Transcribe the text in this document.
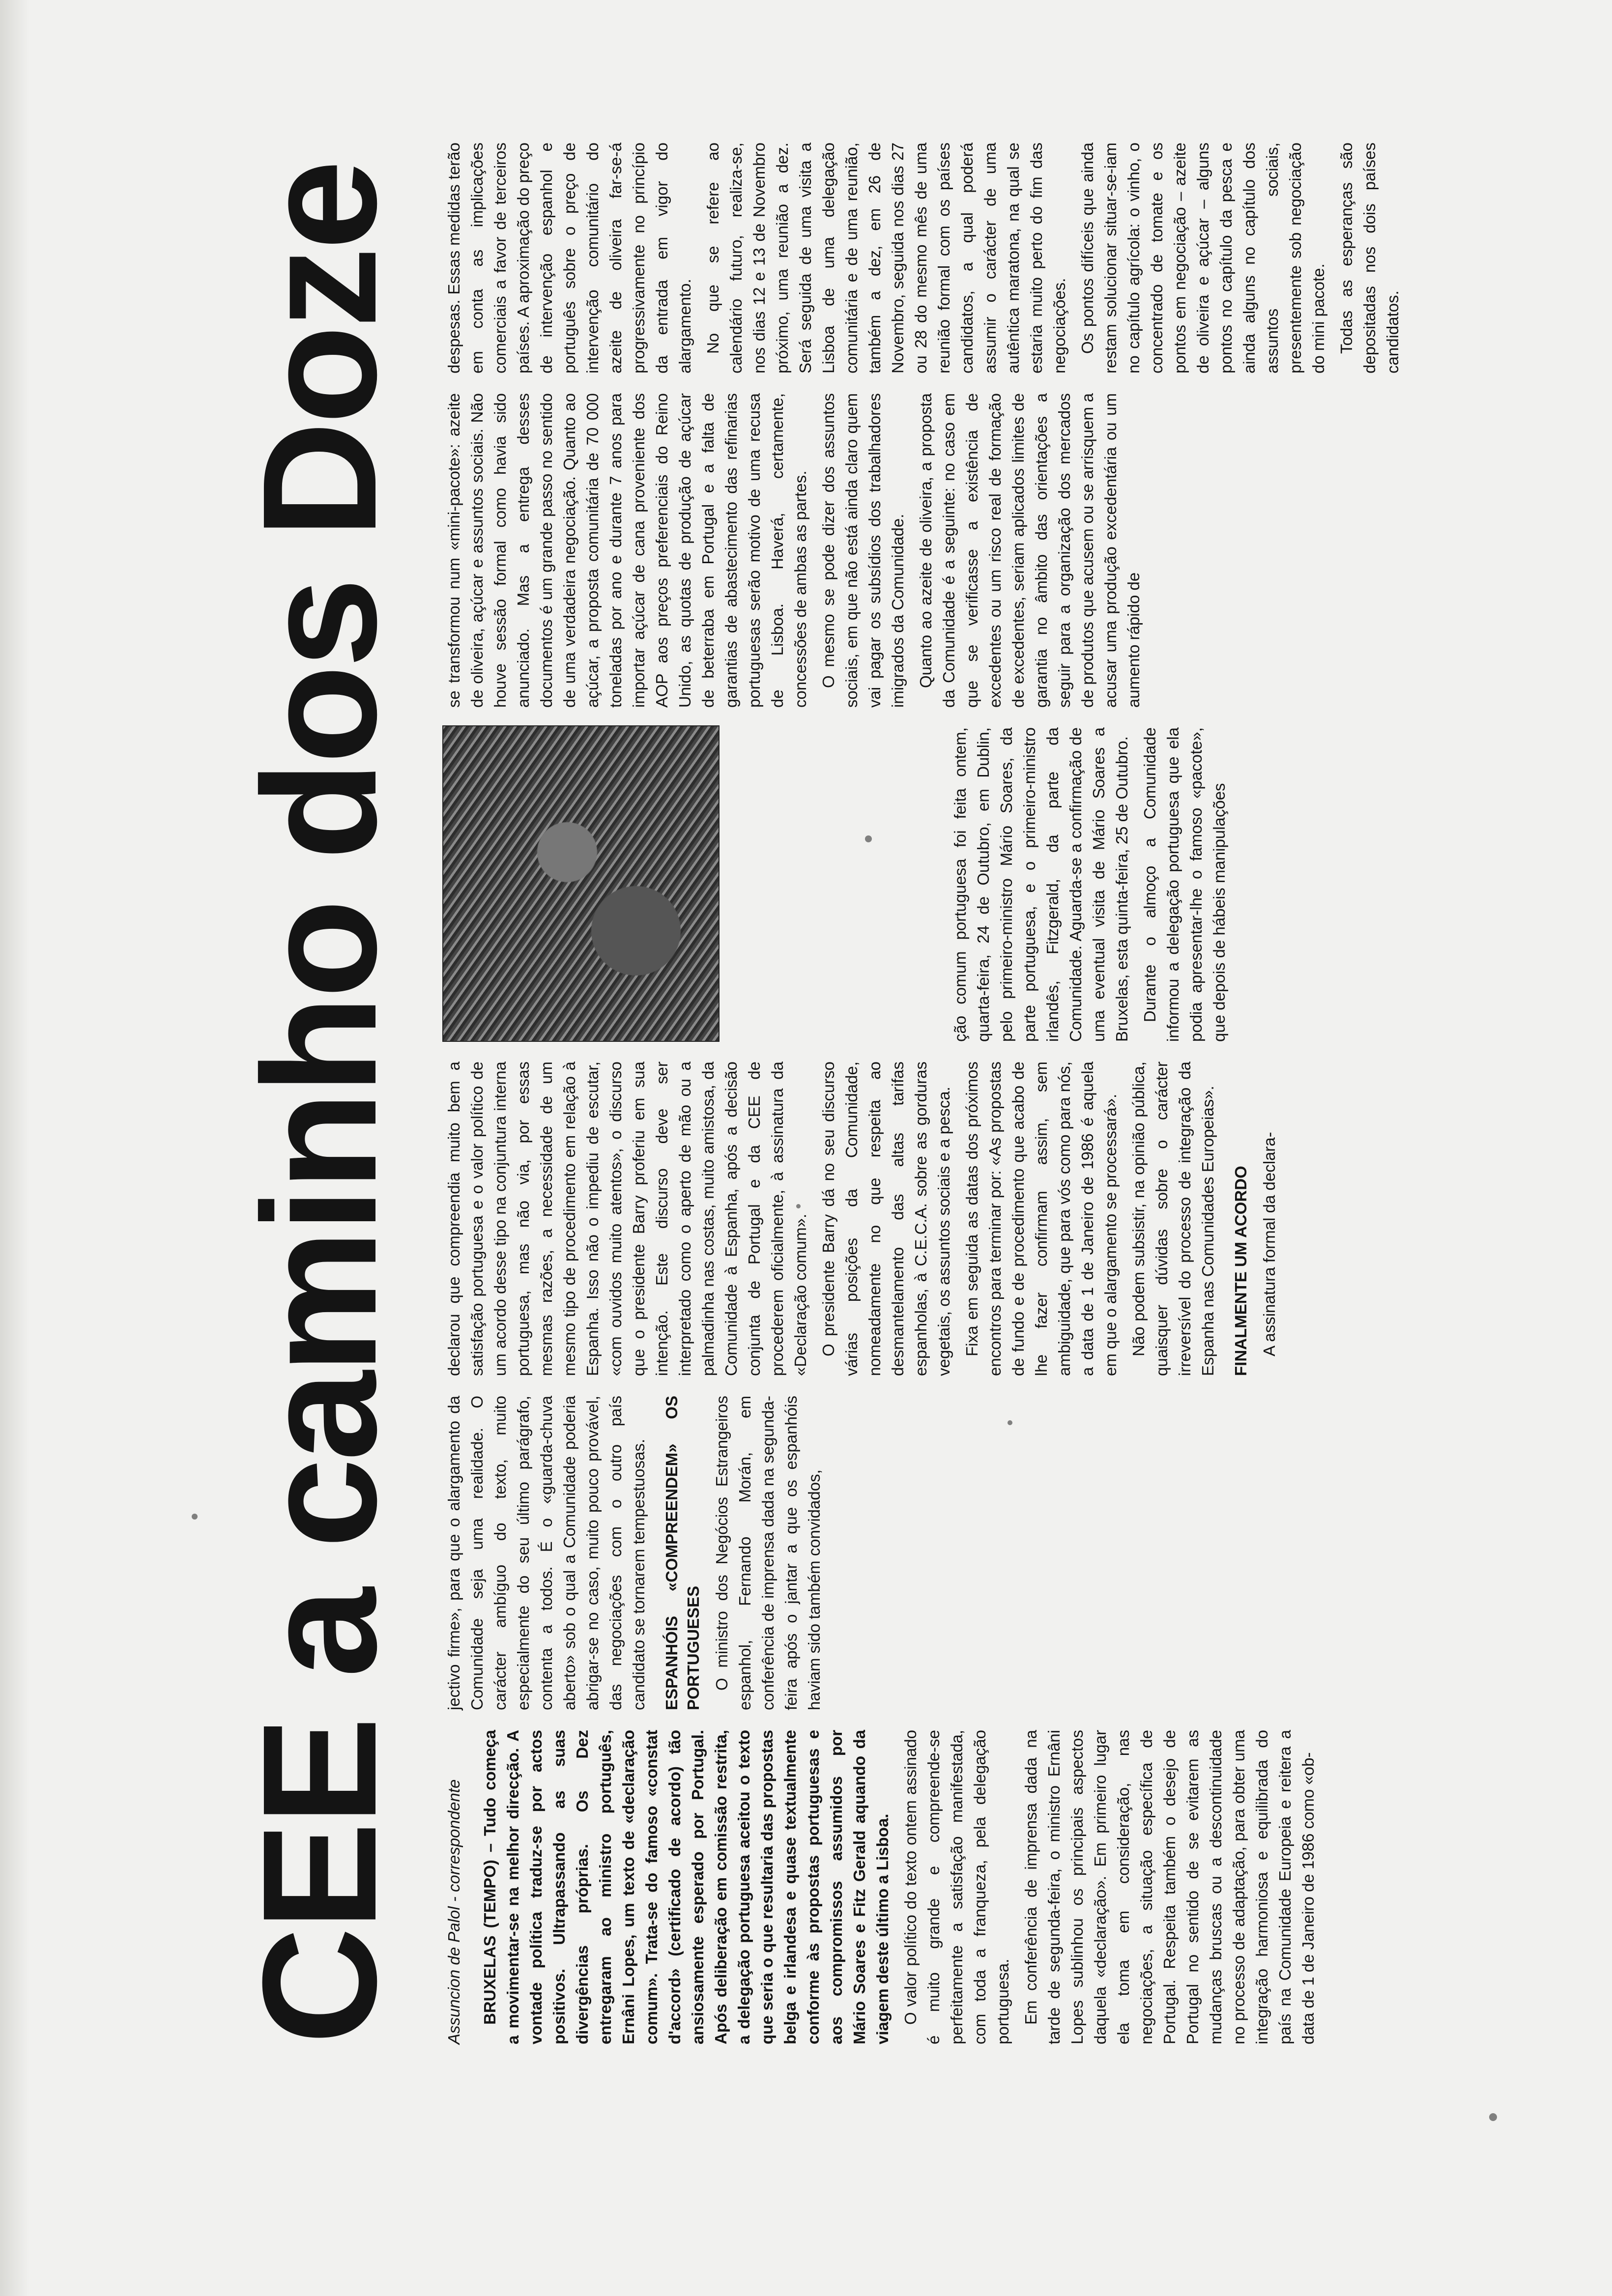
CEE a caminho dos Doze Assuncion de Palol - correspondente BRUXELAS (TEMPO) – Tudo começa a movimentar-se na melhor direcção. A vontade política traduz-se por actos positivos. Ultrapassando as suas divergências próprias. Os Dez entregaram ao ministro português, Ernâni Lopes, um texto de «declaração comum». Trata-se do famoso «constat d'accord» (certificado de acordo) tão ansiosamente esperado por Portugal. Após deliberação em comissão restrita, a delegação portuguesa aceitou o texto que seria o que resultaria das propostas belga e irlandesa e quase textualmente conforme às propostas portuguesas e aos compromissos assumidos por Mário Soares e Fitz Gerald aquando da viagem deste último a Lisboa. O valor político do texto ontem assinado é muito grande e compreende-se perfeitamente a satisfação manifestada, com toda a franqueza, pela delegação portuguesa. Em conferência de imprensa dada na tarde de segunda-feira, o ministro Ernâni Lopes sublinhou os principais aspectos daquela «declaração». Em primeiro lugar ela toma em consideração, nas negociações, a situação específica de Portugal. Respeita também o desejo de Portugal no sentido de se evitarem as mudanças bruscas ou a descontinuidade no processo de adaptação, para obter uma integração harmoniosa e equilibrada do país na Comunidade Europeia e reitera a data de 1 de Janeiro de 1986 como «ob-

jectivo firme», para que o alargamento da Comunidade seja uma realidade. O carácter ambíguo do texto, muito especialmente do seu último parágrafo, contenta a todos. É o «guarda-chuva aberto» sob o qual a Comunidade poderia abrigar-se no caso, muito pouco provável, das negociações com o outro país candidato se tornarem tempestuosas. ESPANHÓIS «COMPREENDEM» OS PORTUGUESES O ministro dos Negócios Estrangeiros espanhol, Fernando Morán, em conferência de imprensa dada na segunda-feira após o jantar a que os espanhóis haviam sido também convidados,

declarou que compreendia muito bem a satisfação portuguesa e o valor político de um acordo desse tipo na conjuntura interna portuguesa, mas não via, por essas mesmas razões, a necessidade de um mesmo tipo de procedimento em relação à Espanha. Isso não o impediu de escutar, «com ouvidos muito atentos», o discurso que o presidente Barry proferiu em sua intenção. Este discurso deve ser interpretado como o aperto de mão ou a palmadinha nas costas, muito amistosa, da Comunidade à Espanha, após a decisão conjunta de Portugal e da CEE de procederem oficialmente, à assinatura da «Declaração comum». O presidente Barry dá no seu discurso várias posições da Comunidade, nomeadamente no que respeita ao desmantelamento das altas tarifas espanholas, à C.E.C.A. sobre as gorduras vegetais, os assuntos sociais e a pesca. Fixa em seguida as datas dos próximos encontros para terminar por: «As propostas de fundo e de procedimento que acabo de lhe fazer confirmam assim, sem ambiguidade, que para vós como para nós, a data de 1 de Janeiro de 1986 é aquela em que o alargamento se processará». Não podem subsistir, na opinião pública, quaisquer dúvidas sobre o carácter irreversível do processo de integração da Espanha nas Comunidades Europeias». FINALMENTE UM ACORDO A assinatura formal da declara-

ção comum portuguesa foi feita ontem, quarta-feira, 24 de Outubro, em Dublin, pelo primeiro-ministro Mário Soares, da parte portuguesa, e o primeiro-ministro irlandês, Fitzgerald, da parte da Comunidade. Aguarda-se a confirmação de uma eventual visita de Mário Soares a Bruxelas, esta quinta-feira, 25 de Outubro. Durante o almoço a Comunidade informou a delegação portuguesa que ela podia apresentar-lhe o famoso «pacote», que depois de hábeis manipulações

se transformou num «mini-pacote»: azeite de oliveira, açúcar e assuntos sociais. Não houve sessão formal como havia sido anunciado. Mas a entrega desses documentos é um grande passo no sentido de uma verdadeira negociação. Quanto ao açúcar, a proposta comunitária de 70 000 toneladas por ano e durante 7 anos para importar açúcar de cana proveniente dos AOP aos preços preferenciais do Reino Unido, as quotas de produção de açúcar de beterraba em Portugal e a falta de garantias de abastecimento das refinarias portuguesas serão motivo de uma recusa de Lisboa. Haverá, certamente, concessões de ambas as partes. O mesmo se pode dizer dos assuntos sociais, em que não está ainda claro quem vai pagar os subsídios dos trabalhadores imigrados da Comunidade. Quanto ao azeite de oliveira, a proposta da Comunidade é a seguinte: no caso em que se verificasse a existência de excedentes ou um risco real de formação de excedentes, seriam aplicados limites de garantia no âmbito das orientações a seguir para a organização dos mercados de produtos que acusem ou se arrisquem a acusar uma produção excedentária ou um aumento rápido de

despesas. Essas medidas terão em conta as implicações comerciais a favor de terceiros países. A aproximação do preço de intervenção espanhol e português sobre o preço de intervenção comunitário do azeite de oliveira far-se-á progressivamente no princípio da entrada em vigor do alargamento. No que se refere ao calendário futuro, realiza-se, nos dias 12 e 13 de Novembro próximo, uma reunião a dez. Será seguida de uma visita a Lisboa de uma delegação comunitária e de uma reunião, também a dez, em 26 de Novembro, seguida nos dias 27 ou 28 do mesmo mês de uma reunião formal com os países candidatos, a qual poderá assumir o carácter de uma autêntica maratona, na qual se estaria muito perto do fim das negociações. Os pontos difíceis que ainda restam solucionar situar-se-iam no capítulo agrícola: o vinho, o concentrado de tomate e os pontos em negociação – azeite de oliveira e açúcar – alguns pontos no capítulo da pesca e ainda alguns no capítulo dos assuntos sociais, presentemente sob negociação do mini pacote. Todas as esperanças são depositadas nos dois países candidatos.
